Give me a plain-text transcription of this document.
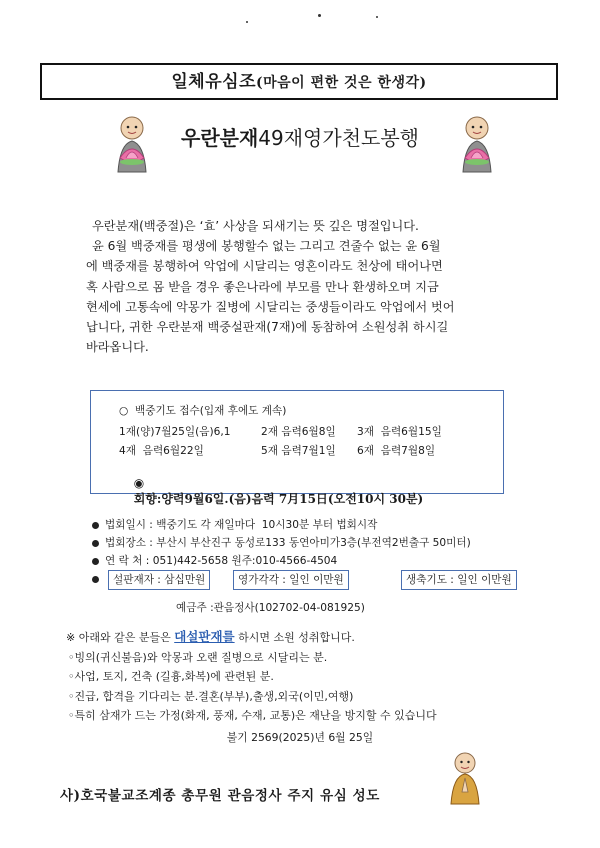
일체유심조(마음이 편한 것은 한생각)
우란분재49재영가천도봉행

우란분재(백중절)은 ‘효’ 사상을 되새기는 뜻 깊은 명절입니다.

윤 6월 백중재를 평생에 봉행할수 없는 그리고 견줄수 없는 윤 6월

에 백중재를 봉행하여 악업에 시달리는 영혼이라도 천상에 태어나면

혹 사람으로 몸 받을 경우 좋은나라에 부모를 만나 환생하오며 지금

현세에 고통속에 악몽가 질병에 시달리는 중생들이라도 악업에서 벗어

납니다, 귀한 우란분재 백중설판재(7재)에 동참하여 소원성취 하시길

바라옵니다.

○  백중기도 접수(입재 후에도 계속)
1재(양)7월25일(음)6,1	2재 음력6월8일 3재  음력6월15일
4재  음력6월22일	5재 음력7월1일 6재  음력7월8일

◉
회향:양력9월6일.(음)음력 7月15日(오전10시 30분)

법회일시 : 백중기도 각 재일마다  10시30분 부터 법회시작
법회장소 : 부산시 부산진구 동성로133 동연아미가3층(부전역2번출구 50미터)
연 락 처 : 051)442-5658 원주:010-4566-4504
설판재자 : 삼십만원	영가각각 : 일인 이만원	생축기도 : 일인 이만원
예금주 :관음정사(102702-04-081925)
※ 아래와 같은 분들은 대설판재를 하시면 소원 성취합니다.
◦빙의(귀신불음)와 악몽과 오랜 질병으로 시달리는 분.
◦사업, 토지, 건축 (길흉,화복)에 관련된 분.
◦진급, 합격을 기다리는 분.결혼(부부),출생,외국(이민,여행)
◦특히 삼재가 드는 가정(화재, 풍재, 수재, 교통)은 재난을 방지할 수 있습니다
불기 2569(2025)년 6월 25일
사)호국불교조계종 총무원 관음정사 주지 유심 성도
